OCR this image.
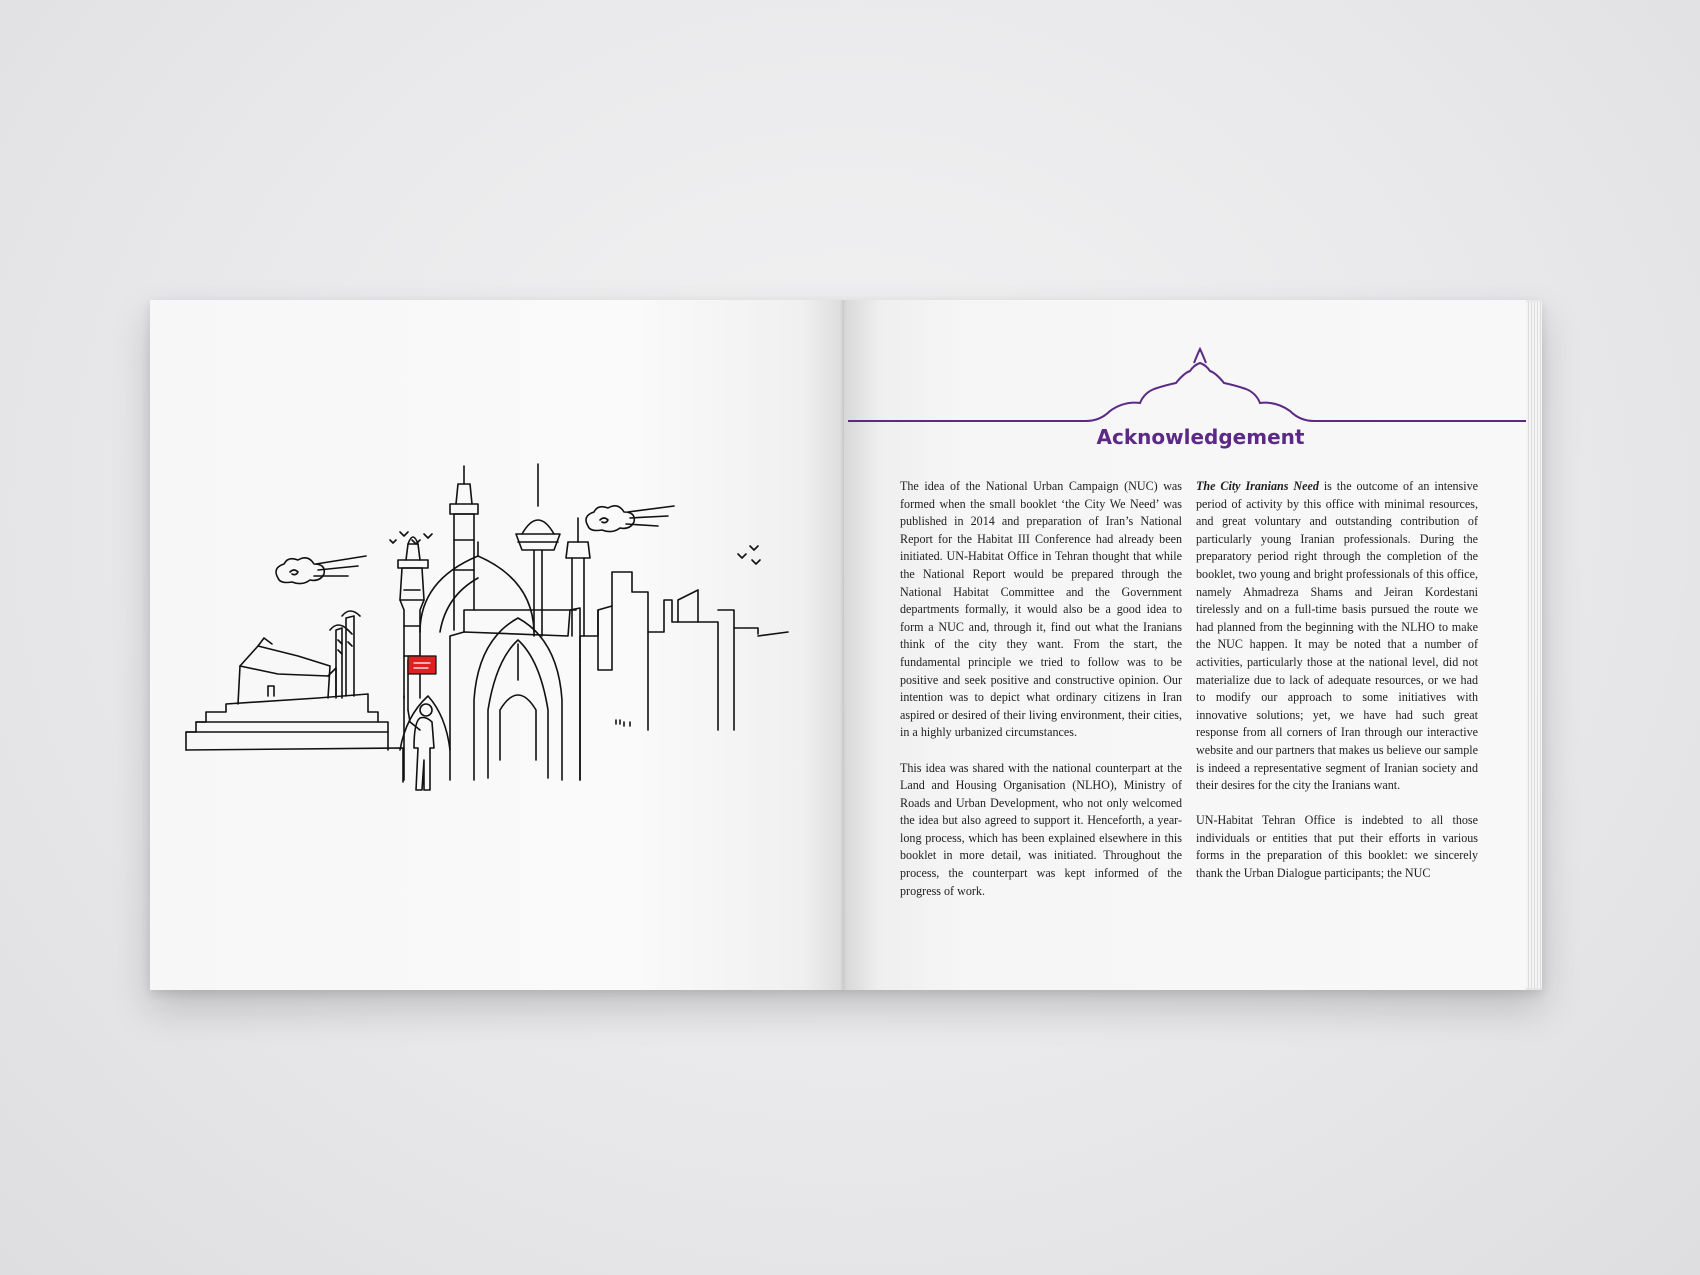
Acknowledgement

The idea of the National Urban Campaign (NUC) was formed when the small booklet ‘the City We Need’ was published in 2014 and preparation of Iran’s National Report for the Habitat III Conference had already been initiated. UN-Habitat Office in Tehran thought that while the National Report would be prepared through the National Habitat Committee and the Government departments formally, it would also be a good idea to form a NUC and, through it, find out what the Iranians think of the city they want. From the start, the fundamental principle we tried to follow was to be positive and seek positive and constructive opinion. Our intention was to depict what ordinary citizens in Iran aspired or desired of their living environment, their cities, in a highly urbanized circumstances.

This idea was shared with the national counterpart at the Land and Housing Organisation (NLHO), Ministry of Roads and Urban Development, who not only welcomed the idea but also agreed to support it. Henceforth, a year-long process, which has been explained elsewhere in this booklet in more detail, was initiated. Throughout the process, the counterpart was kept informed of the progress of work.

The City Iranians Need is the outcome of an intensive period of activity by this office with minimal resources, and great voluntary and outstanding contribution of particularly young Iranian professionals. During the preparatory period right through the completion of the booklet, two young and bright professionals of this office, namely Ahmadreza Shams and Jeiran Kordestani tirelessly and on a full-time basis pursued the route we had planned from the beginning with the NLHO to make the NUC happen. It may be noted that a number of activities, particularly those at the national level, did not materialize due to lack of adequate resources, or we had to modify our approach to some initiatives with innovative solutions; yet, we have had such great response from all corners of Iran through our interactive website and our partners that makes us believe our sample is indeed a representative segment of Iranian society and their desires for the city the Iranians want.

UN-Habitat Tehran Office is indebted to all those individuals or entities that put their efforts in various forms in the preparation of this booklet: we sincerely thank the Urban Dialogue participants; the NUC
